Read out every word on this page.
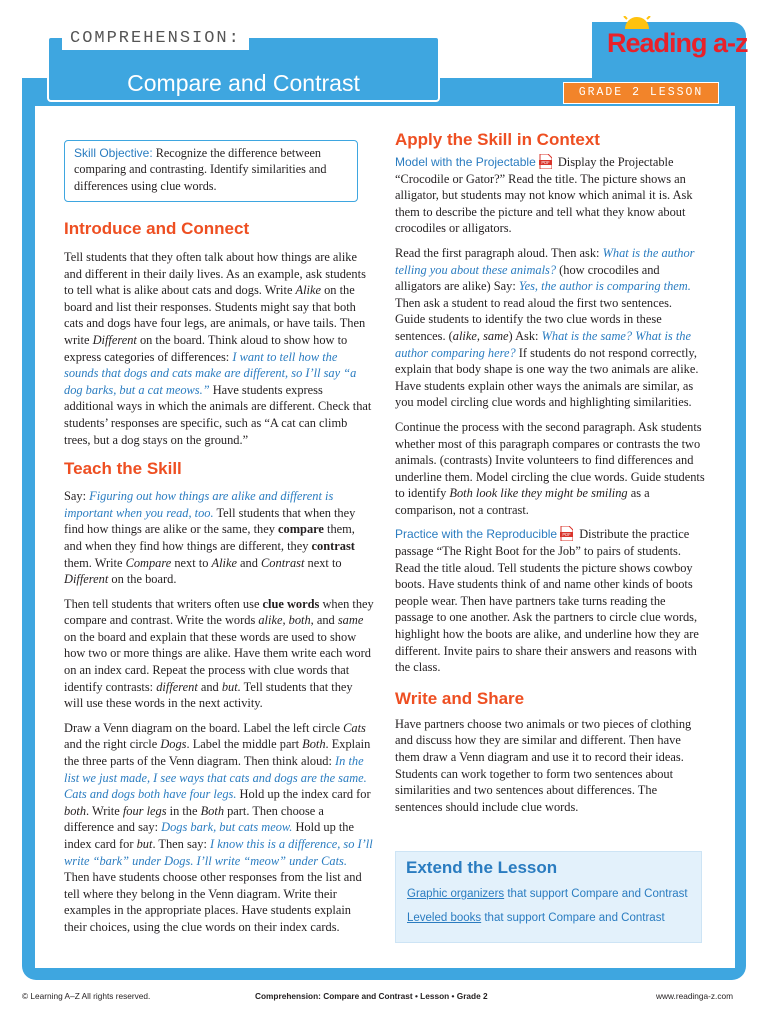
COMPREHENSION:
Compare and Contrast
Reading a-z
GRADE 2 LESSON
Skill Objective: Recognize the difference between comparing and contrasting. Identify similarities and differences using clue words.
Introduce and Connect

Tell students that they often talk about how things are alike and different in their daily lives. As an example, ask students to tell what is alike about cats and dogs. Write Alike on the board and list their responses. Students might say that both cats and dogs have four legs, are animals, or have tails. Then write Different on the board. Think aloud to show how to express categories of differences: I want to tell how the sounds that dogs and cats make are different, so I’ll say “a dog barks, but a cat meows.” Have students express additional ways in which the animals are different. Check that students’ responses are specific, such as “A cat can climb trees, but a dog stays on the ground.”

Teach the Skill

Say: Figuring out how things are alike and different is important when you read, too. Tell students that when they find how things are alike or the same, they compare them, and when they find how things are different, they contrast them. Write Compare next to Alike and Contrast next to Different on the board.

Then tell students that writers often use clue words when they compare and contrast. Write the words alike, both, and same on the board and explain that these words are used to show how two or more things are alike. Have them write each word on an index card. Repeat the process with clue words that identify contrasts: different and but. Tell students that they will use these words in the next activity.

Draw a Venn diagram on the board. Label the left circle Cats and the right circle Dogs. Label the middle part Both. Explain the three parts of the Venn diagram. Then think aloud: In the list we just made, I see ways that cats and dogs are the same. Cats and dogs both have four legs. Hold up the index card for both. Write four legs in the Both part. Then choose a difference and say: Dogs bark, but cats meow. Hold up the index card for but. Then say: I know this is a difference, so I’ll write “bark” under Dogs. I’ll write “meow” under Cats. Then have students choose other responses from the list and tell where they belong in the Venn diagram. Write their examples in the appropriate places. Have students explain their choices, using the clue words on their index cards.

Apply the Skill in Context

Model with the Projectable PDF Display the Projectable “Crocodile or Gator?” Read the title. The picture shows an alligator, but students may not know which animal it is. Ask them to describe the picture and tell what they know about crocodiles or alligators.

Read the first paragraph aloud. Then ask: What is the author telling you about these animals? (how crocodiles and alligators are alike) Say: Yes, the author is comparing them. Then ask a student to read aloud the first two sentences. Guide students to identify the two clue words in these sentences. (alike, same) Ask: What is the same? What is the author comparing here? If students do not respond correctly, explain that body shape is one way the two animals are alike. Have students explain other ways the animals are similar, as you model circling clue words and highlighting similarities.

Continue the process with the second paragraph. Ask students whether most of this paragraph compares or contrasts the two animals. (contrasts) Invite volunteers to find differences and underline them. Model circling the clue words. Guide students to identify Both look like they might be smiling as a comparison, not a contrast.

Practice with the Reproducible PDF Distribute the practice passage “The Right Boot for the Job” to pairs of students. Read the title aloud. Tell students the picture shows cowboy boots. Have students think of and name other kinds of boots people wear. Then have partners take turns reading the passage to one another. Ask the partners to circle clue words, highlight how the boots are alike, and underline how they are different. Invite pairs to share their answers and reasons with the class.

Write and Share

Have partners choose two animals or two pieces of clothing and discuss how they are similar and different. Then have them draw a Venn diagram and use it to record their ideas. Students can work together to form two sentences about similarities and two sentences about differences. The sentences should include clue words.

Extend the Lesson
Graphic organizers that support Compare and Contrast
Leveled books that support Compare and Contrast
© Learning A–Z All rights reserved.	Comprehension: Compare and Contrast • Lesson • Grade 2	www.readinga-z.com
